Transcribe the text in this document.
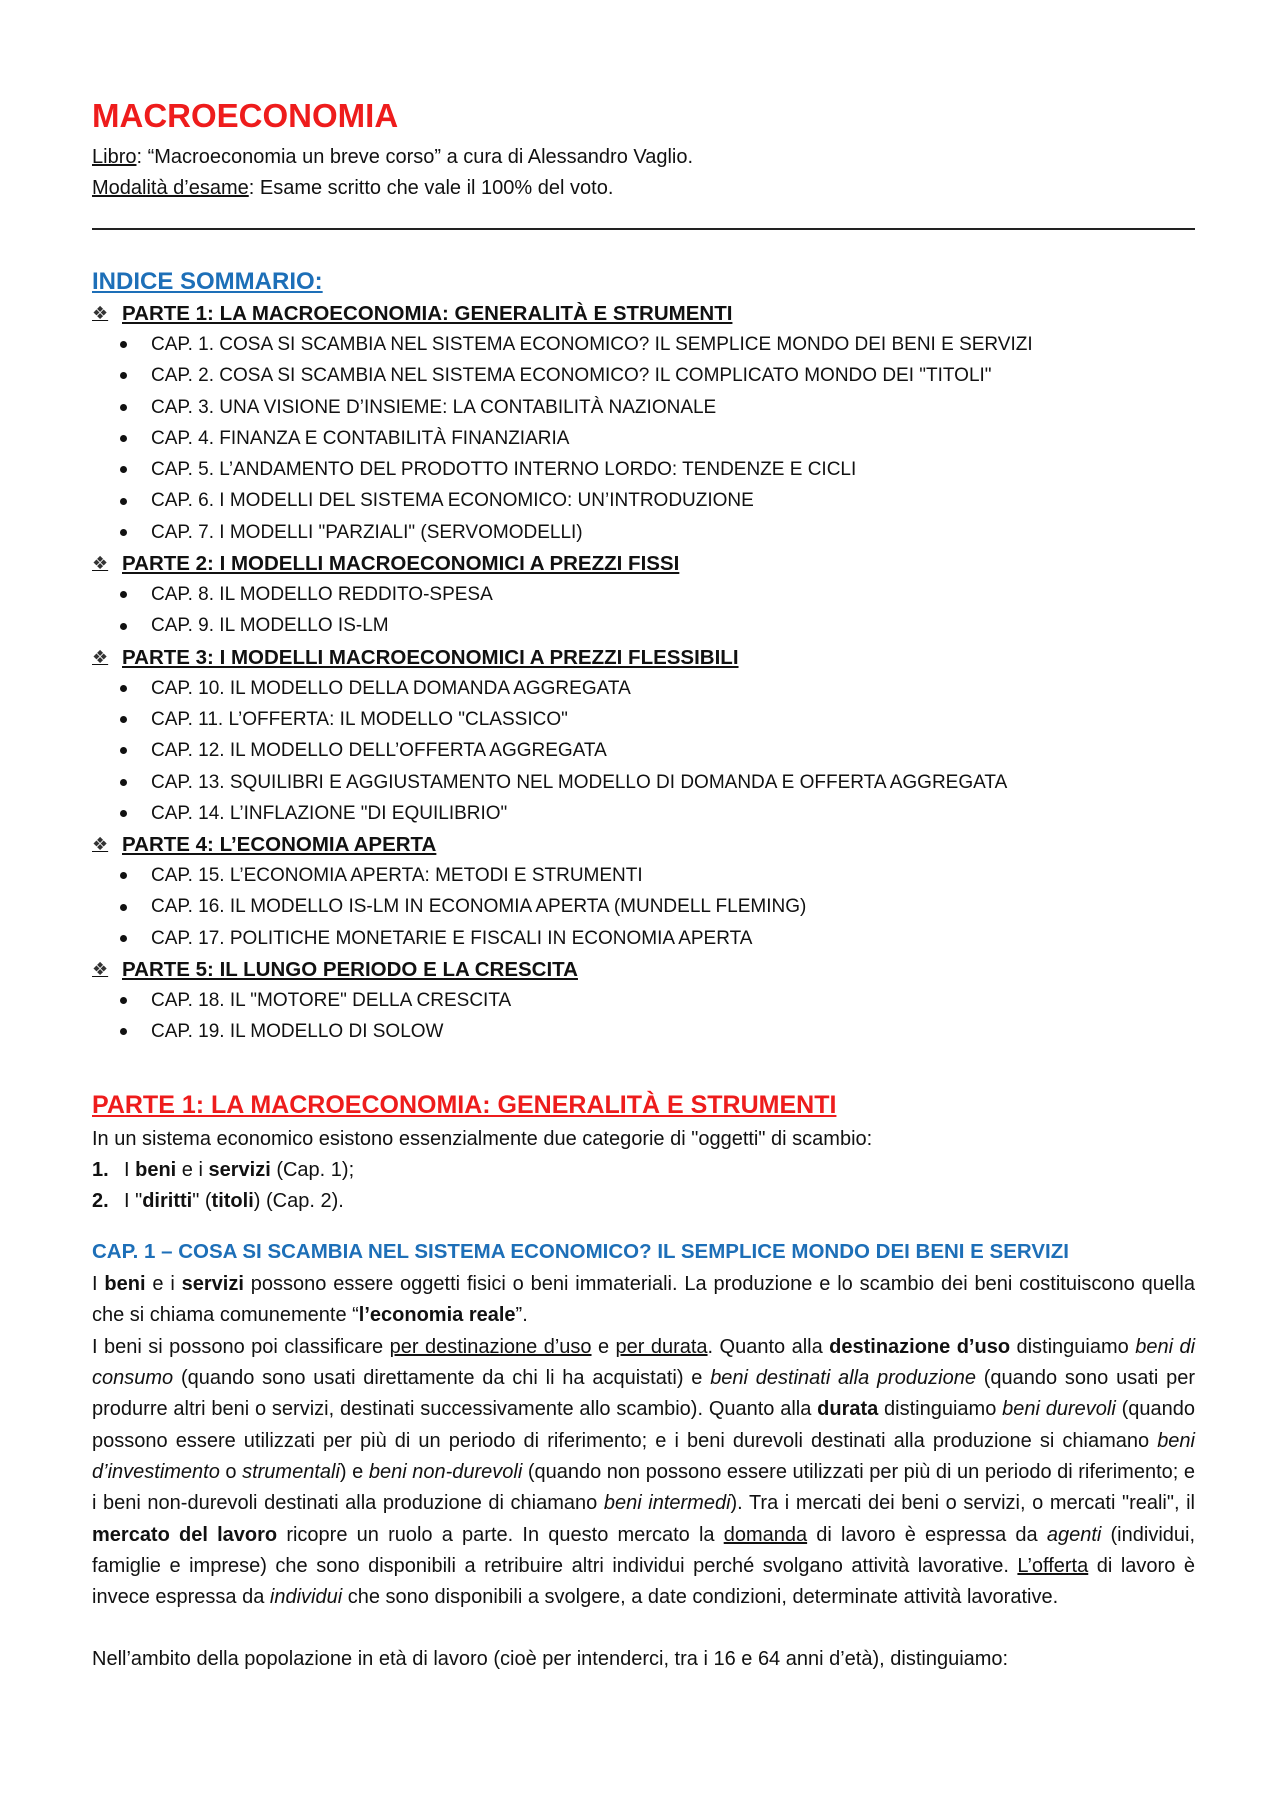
MACROECONOMIA
Libro: “Macroeconomia un breve corso” a cura di Alessandro Vaglio.
Modalità d’esame: Esame scritto che vale il 100% del voto.
INDICE SOMMARIO:
❖ PARTE 1: LA MACROECONOMIA: GENERALITÀ E STRUMENTI
CAP. 1. COSA SI SCAMBIA NEL SISTEMA ECONOMICO? IL SEMPLICE MONDO DEI BENI E SERVIZI
CAP. 2. COSA SI SCAMBIA NEL SISTEMA ECONOMICO? IL COMPLICATO MONDO DEI "TITOLI"
CAP. 3. UNA VISIONE D’INSIEME: LA CONTABILITÀ NAZIONALE
CAP. 4. FINANZA E CONTABILITÀ FINANZIARIA
CAP. 5. L’ANDAMENTO DEL PRODOTTO INTERNO LORDO: TENDENZE E CICLI
CAP. 6. I MODELLI DEL SISTEMA ECONOMICO: UN’INTRODUZIONE
CAP. 7. I MODELLI "PARZIALI" (SERVOMODELLI)
❖ PARTE 2: I MODELLI MACROECONOMICI A PREZZI FISSI
CAP. 8. IL MODELLO REDDITO-SPESA
CAP. 9. IL MODELLO IS-LM
❖ PARTE 3: I MODELLI MACROECONOMICI A PREZZI FLESSIBILI
CAP. 10. IL MODELLO DELLA DOMANDA AGGREGATA
CAP. 11. L’OFFERTA: IL MODELLO "CLASSICO"
CAP. 12. IL MODELLO DELL’OFFERTA AGGREGATA
CAP. 13. SQUILIBRI E AGGIUSTAMENTO NEL MODELLO DI DOMANDA E OFFERTA AGGREGATA
CAP. 14. L’INFLAZIONE "DI EQUILIBRIO"
❖ PARTE 4: L’ECONOMIA APERTA
CAP. 15. L’ECONOMIA APERTA: METODI E STRUMENTI
CAP. 16. IL MODELLO IS-LM IN ECONOMIA APERTA (MUNDELL FLEMING)
CAP. 17. POLITICHE MONETARIE E FISCALI IN ECONOMIA APERTA
❖ PARTE 5: IL LUNGO PERIODO E LA CRESCITA
CAP. 18. IL "MOTORE" DELLA CRESCITA
CAP. 19. IL MODELLO DI SOLOW
PARTE 1: LA MACROECONOMIA: GENERALITÀ E STRUMENTI

In un sistema economico esistono essenzialmente due categorie di "oggetti" di scambio:

1. I beni e i servizi (Cap. 1);
2. I "diritti" (titoli) (Cap. 2).
CAP. 1 – COSA SI SCAMBIA NEL SISTEMA ECONOMICO? IL SEMPLICE MONDO DEI BENI E SERVIZI

I beni e i servizi possono essere oggetti fisici o beni immateriali. La produzione e lo scambio dei beni costituiscono quella che si chiama comunemente “l’economia reale”.

I beni si possono poi classificare per destinazione d’uso e per durata. Quanto alla destinazione d’uso distinguiamo beni di consumo (quando sono usati direttamente da chi li ha acquistati) e beni destinati alla produzione (quando sono usati per produrre altri beni o servizi, destinati successivamente allo scambio). Quanto alla durata distinguiamo beni durevoli (quando possono essere utilizzati per più di un periodo di riferimento; e i beni durevoli destinati alla produzione si chiamano beni d’investimento o strumentali) e beni non-durevoli (quando non possono essere utilizzati per più di un periodo di riferimento; e i beni non-durevoli destinati alla produzione di chiamano beni intermedi). Tra i mercati dei beni o servizi, o mercati "reali", il mercato del lavoro ricopre un ruolo a parte. In questo mercato la domanda di lavoro è espressa da agenti (individui, famiglie e imprese) che sono disponibili a retribuire altri individui perché svolgano attività lavorative. L’offerta di lavoro è invece espressa da individui che sono disponibili a svolgere, a date condizioni, determinate attività lavorative.

Nell’ambito della popolazione in età di lavoro (cioè per intenderci, tra i 16 e 64 anni d’età), distinguiamo:
